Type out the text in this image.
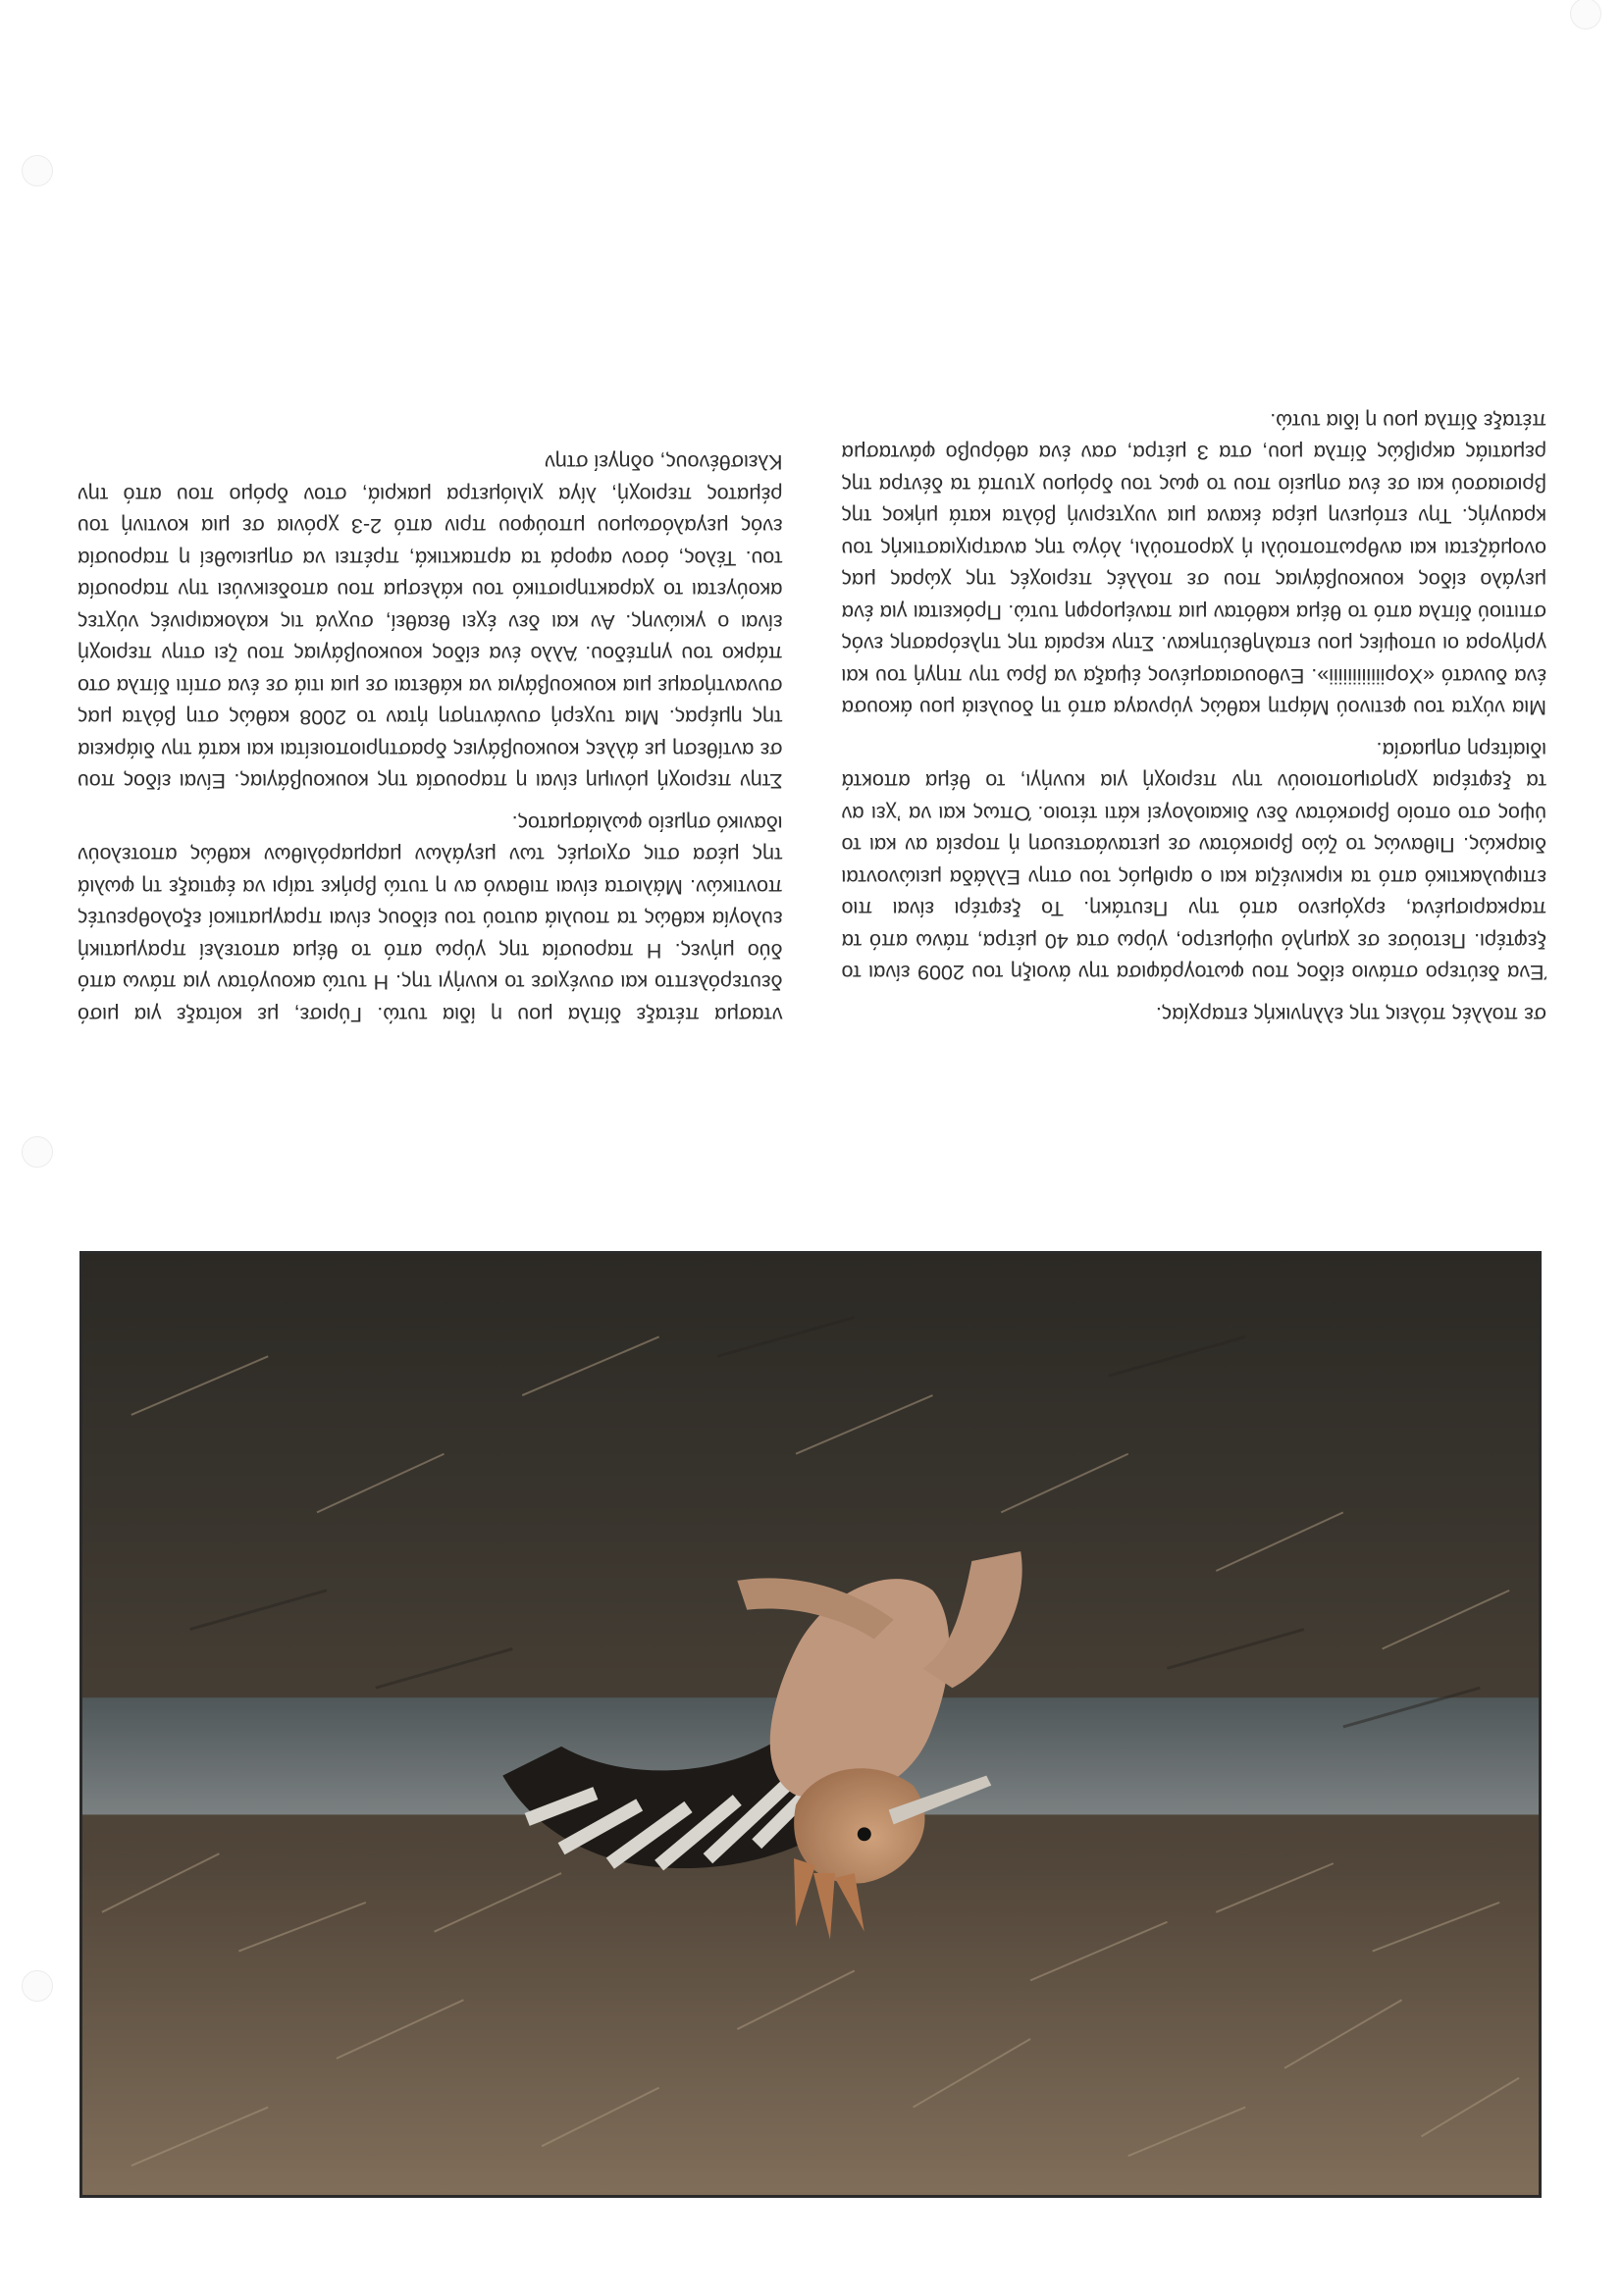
σε πολλές πόλεις της ελληνικής επαρχίας.

Ένα δεύτερο σπάνιο είδος που φωτογράφισα την άνοιξη του 2009 είναι το ξεφτέρι. Πετούσε σε χαμηλό υψόμετρο, γύρω στα 40 μέτρα, πάνω από τα παρκαρισμένα, ερχόμενο από την Πευτάκη. Το ξεφτέρι είναι πιο επιφυλακτικό από τα κιρκινέζια και ο αριθμός του στην Ελλάδα μειώνονται διαρκώς. Πιθανώς το ζώο βρισκόταν σε μετανάστευση ή πορεία αν και το ύψος στο οποίο βρισκόταν δεν δικαιολογεί κάτι τέτοιο. Όπως και να ’χει αν τα ξεφτέρια χρησιμοποιούν την περιοχή για κυνήγι, το θέμα αποκτά ιδιαίτερη σημασία.

Μια νύχτα του φετινού Μάρτη καθώς γύρναγα από τη δουλειά μου άκουσα ένα δυνατό «Χορiiiiiiiiiiii». Ενθουσιασμένος έψαξα να βρω την πηγή του και γρήγορα οι υποψίες μου επαληθεύτηκαν. Στην κεραία της τηλεόρασης ενός σπιτιού δίπλα από το θέμα καθόταν μια πανέμορφη τυτώ. Πρόκειται για ένα μεγάλο είδος κουκουβάγιας που σε πολλές περιοχές της χώρας μας ονομάζεται και ανθρωποπούλι ή χαροπούλι, λόγω της ανατριχιαστικής του κραυγής. Την επόμενη μέρα έκανα μια νυχτερινή βόλτα κατά μήκος της βρισιασού και σε ένα σημείο που το φως του δρόμου χτυπά τα δέντρα της ρεματιάς ακριβώς δίπλα μου, στα 3 μέτρα, σαν ένα αθόρυβο φάντασμα πέταξε δίπλα μου η ίδια τυτώ.

ντασμα πέταξε δίπλα μου η ίδια τυτώ. Γύρισε, με κοίταξε για μισό δευτερόλεπτο και συνέχισε το κυνήγι της. Η τυτώ ακουγόταν για πάνω από δύο μήνες. Η παρουσία της γύρω από το θέμα αποτελεί πραγματική ευλογία καθώς τα πουλιά αυτού του είδους είναι πραγματικοί εξολοθρευτές ποντικών. Μάλιστα είναι πιθανό αν η τυτώ βρήκε ταίρι να έφτιαξε τη φωλιά της μέσα στις σχισμές των μεγάλων μαρμαρόλιθων καθώς αποτελούν ιδανικό σημείο φωλιάσματος.

Στην περιοχή μόνιμη είναι η παρουσία της κουκουβάγιας. Είναι είδος που σε αντίθεση με άλλες κουκουβάγιες δραστηριοποιείται και κατά την διάρκεια της ημέρας. Μια τυχερή συνάντηση ήταν το 2008 καθώς στη βόλτα μας συναντήσαμε μια κουκουβάγια να κάθεται σε μια ιτιά σε ένα σπίτι δίπλα στο πάρκο του γηπέδου. Άλλο ένα είδος κουκουβάγιας που ζει στην περιοχή είναι ο γκιώνης. Αν και δεν έχει θεαθεί, συχνά τις καλοκαιρινές νύχτες ακούγεται το χαρακτηριστικό του κάλεσμα που αποδεικνύει την παρουσία του. Τέλος, όσον αφορά τα αρπακτικά, πρέπει να σημειωθεί η παρουσία ενός μεγαλόσωμου μπούφου πριν από 2-3 χρόνια σε μια κοντινή του ρέματος περιοχή, λίγα χιλιόμετρα μακριά, στον δρόμο που από την Κλεισθένους, οδηγεί στην
